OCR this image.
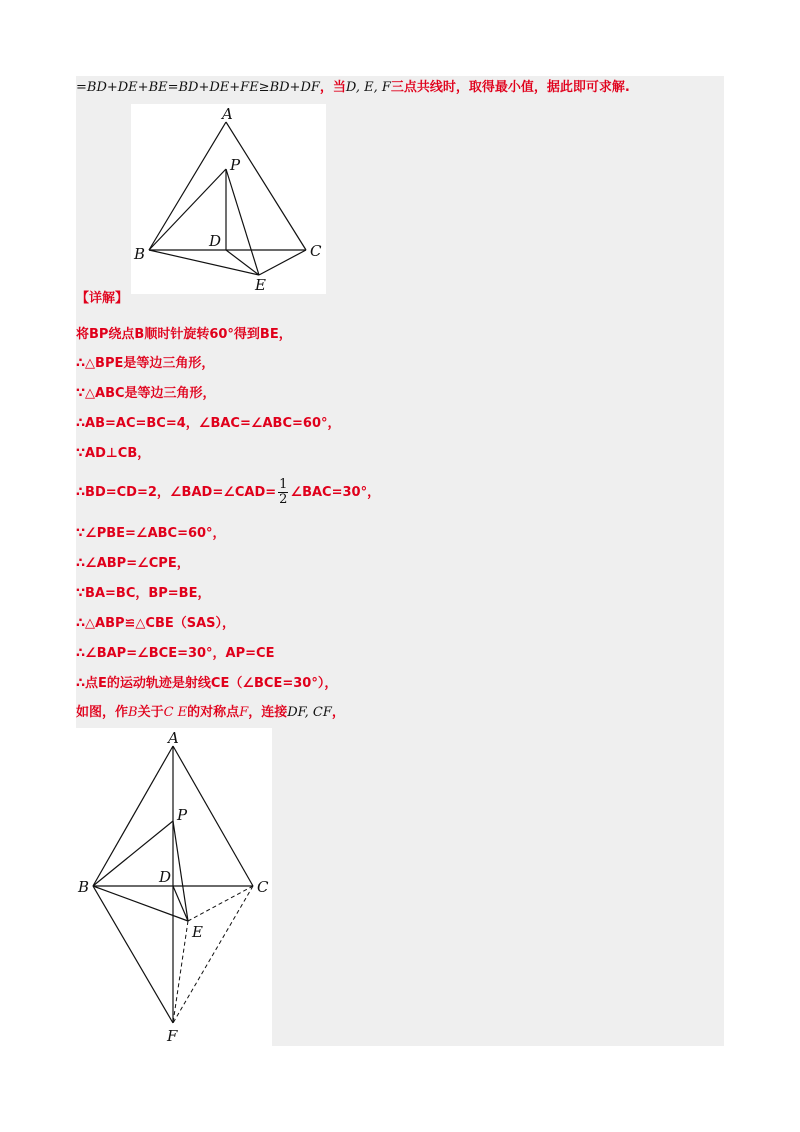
=BD+DE+BE=BD+DE+FE≥BD+DF，当D, E, F三点共线时，取得最小值，据此即可求解.
A
P
B
D
C
E
【详解】
将BP绕点B顺时针旋转60°得到BE，
∴△BPE是等边三角形，
∵△ABC是等边三角形，
∴AB=AC=BC=4，∠BAC=∠ABC=60°，
∵AD⊥CB，
∴BD=CD=2，∠BAD=∠CAD= $\frac{1}{2}$ ∠BAC=30°，
∵∠PBE=∠ABC=60°，
∴∠ABP=∠CPE，
∵BA=BC，BP=BE，
∴△ABP≌△CBE（SAS），
∴∠BAP=∠BCE=30°，AP=CE
∴点E的运动轨迹是射线CE（∠BCE=30°），
如图，作B关于C E的对称点F，连接DF, CF，
A
P
B
D
C
E
F
